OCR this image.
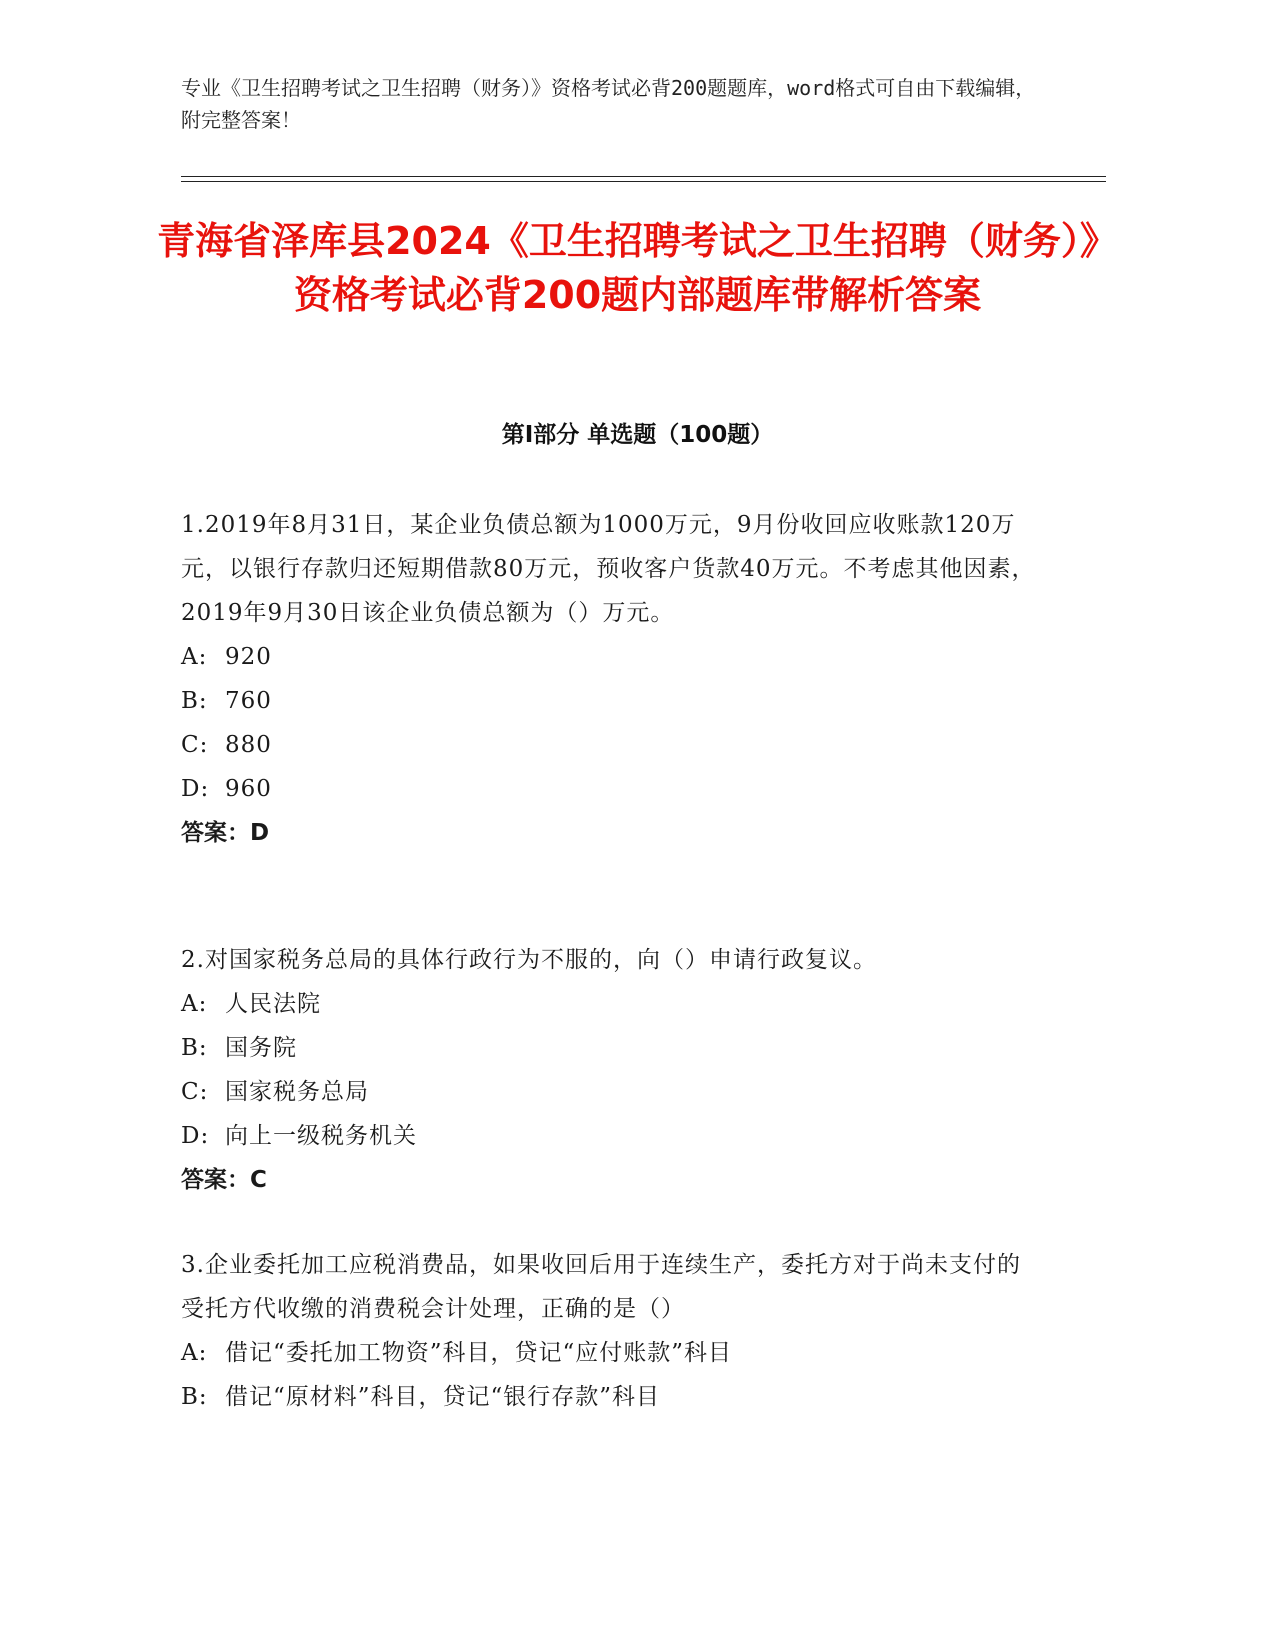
专业《卫生招聘考试之卫生招聘（财务）》资格考试必背200题题库，word格式可自由下载编辑，附完整答案！
青海省泽库县2024《卫生招聘考试之卫生招聘（财务）》资格考试必背200题内部题库带解析答案
第Ⅰ部分 单选题（100题）

1.2019年8月31日，某企业负债总额为1000万元，9月份收回应收账款120万元，以银行存款归还短期借款80万元，预收客户货款40万元。不考虑其他因素，2019年9月30日该企业负债总额为（）万元。

A: 920

B: 760

C: 880

D: 960

答案：D

2.对国家税务总局的具体行政行为不服的，向（）申请行政复议。

A: 人民法院

B: 国务院

C: 国家税务总局

D: 向上一级税务机关

答案：C

3.企业委托加工应税消费品，如果收回后用于连续生产，委托方对于尚未支付的受托方代收缴的消费税会计处理，正确的是（）

A: 借记“委托加工物资”科目，贷记“应付账款”科目

B: 借记“原材料”科目，贷记“银行存款”科目
